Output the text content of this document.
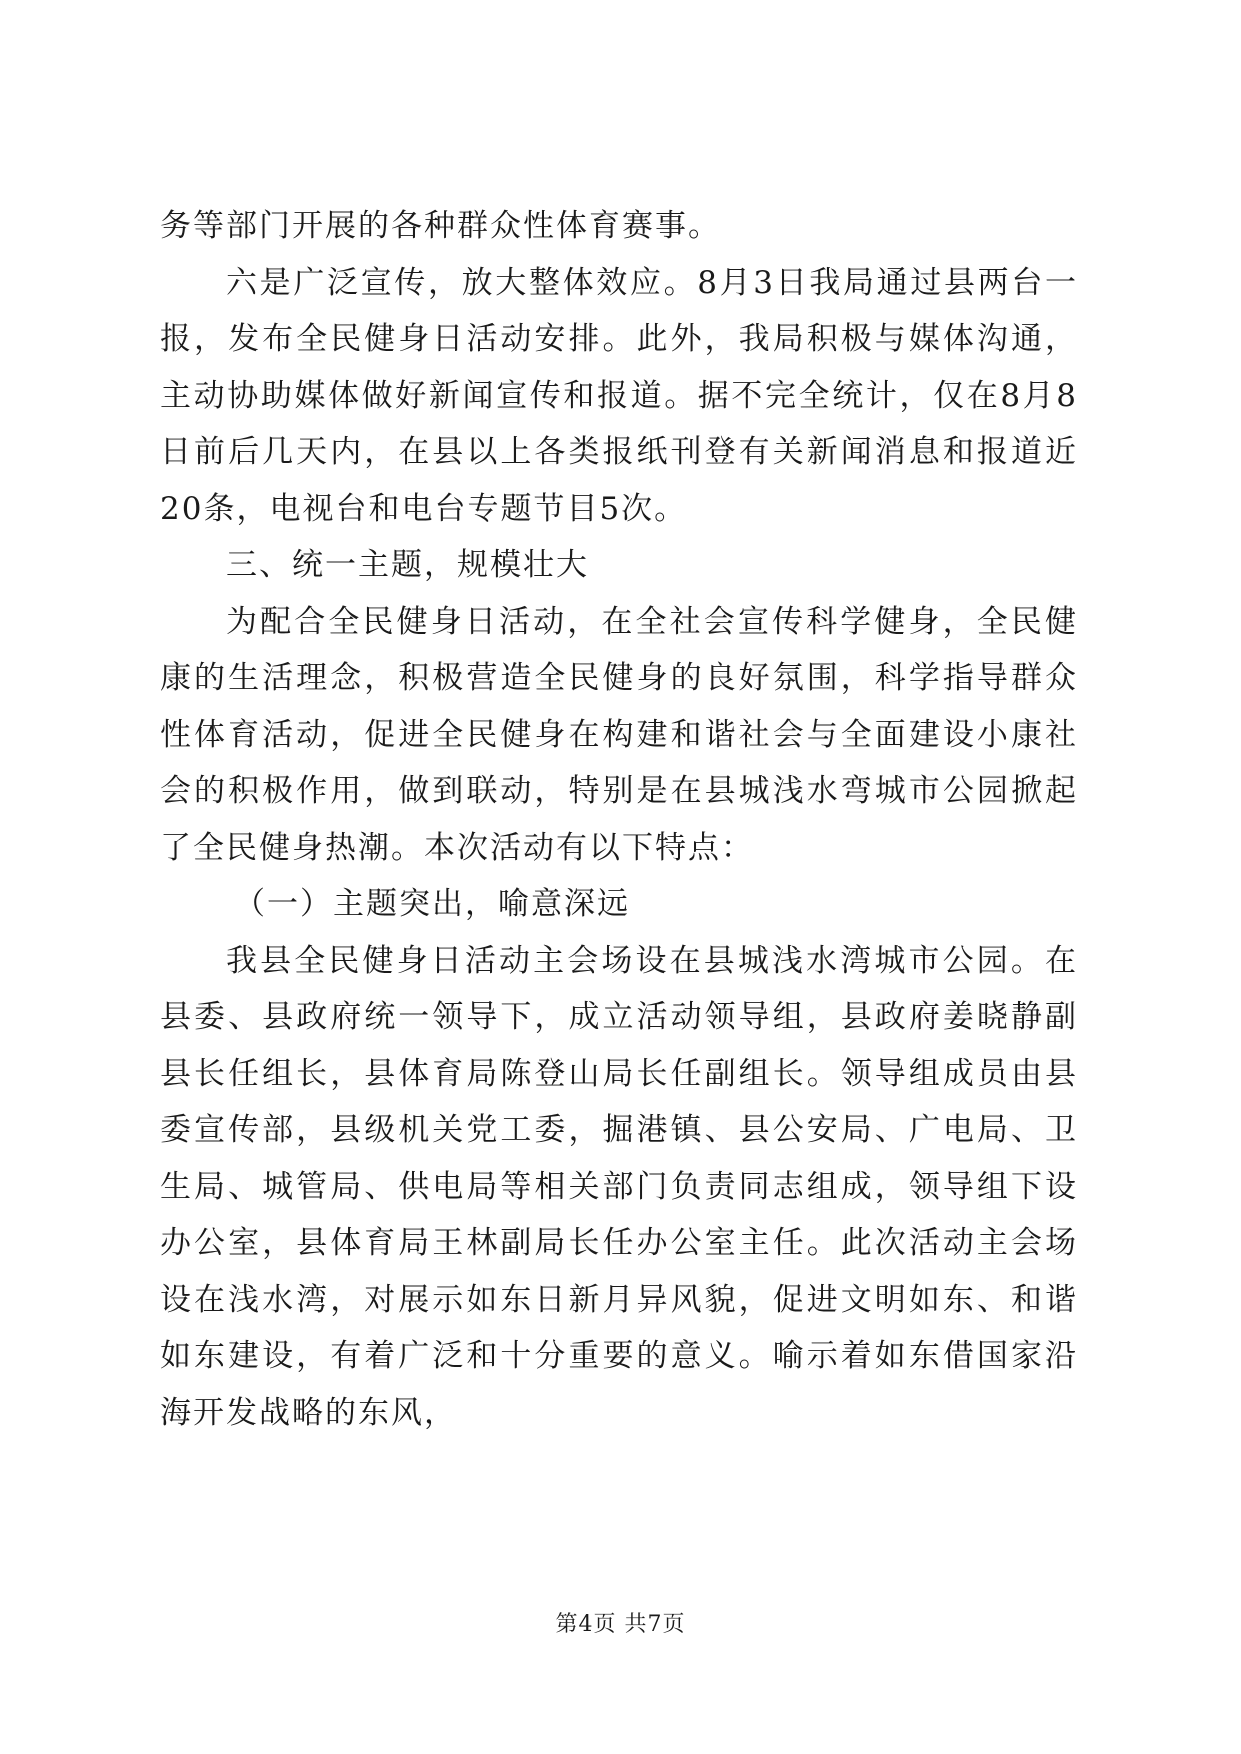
务等部门开展的各种群众性体育赛事。

六是广泛宣传，放大整体效应。8月3日我局通过县两台一报，发布全民健身日活动安排。此外，我局积极与媒体沟通，主动协助媒体做好新闻宣传和报道。据不完全统计，仅在8月8日前后几天内，在县以上各类报纸刊登有关新闻消息和报道近20条，电视台和电台专题节目5次。

三、统一主题，规模壮大

为配合全民健身日活动，在全社会宣传科学健身，全民健康的生活理念，积极营造全民健身的良好氛围，科学指导群众性体育活动，促进全民健身在构建和谐社会与全面建设小康社会的积极作用，做到联动，特别是在县城浅水弯城市公园掀起了全民健身热潮。本次活动有以下特点：

（一）主题突出，喻意深远

我县全民健身日活动主会场设在县城浅水湾城市公园。在县委、县政府统一领导下，成立活动领导组，县政府姜晓静副县长任组长，县体育局陈登山局长任副组长。领导组成员由县委宣传部，县级机关党工委，掘港镇、县公安局、广电局、卫生局、城管局、供电局等相关部门负责同志组成，领导组下设办公室，县体育局王林副局长任办公室主任。此次活动主会场设在浅水湾，对展示如东日新月异风貌，促进文明如东、和谐如东建设，有着广泛和十分重要的意义。喻示着如东借国家沿海开发战略的东风，

第4页 共7页
